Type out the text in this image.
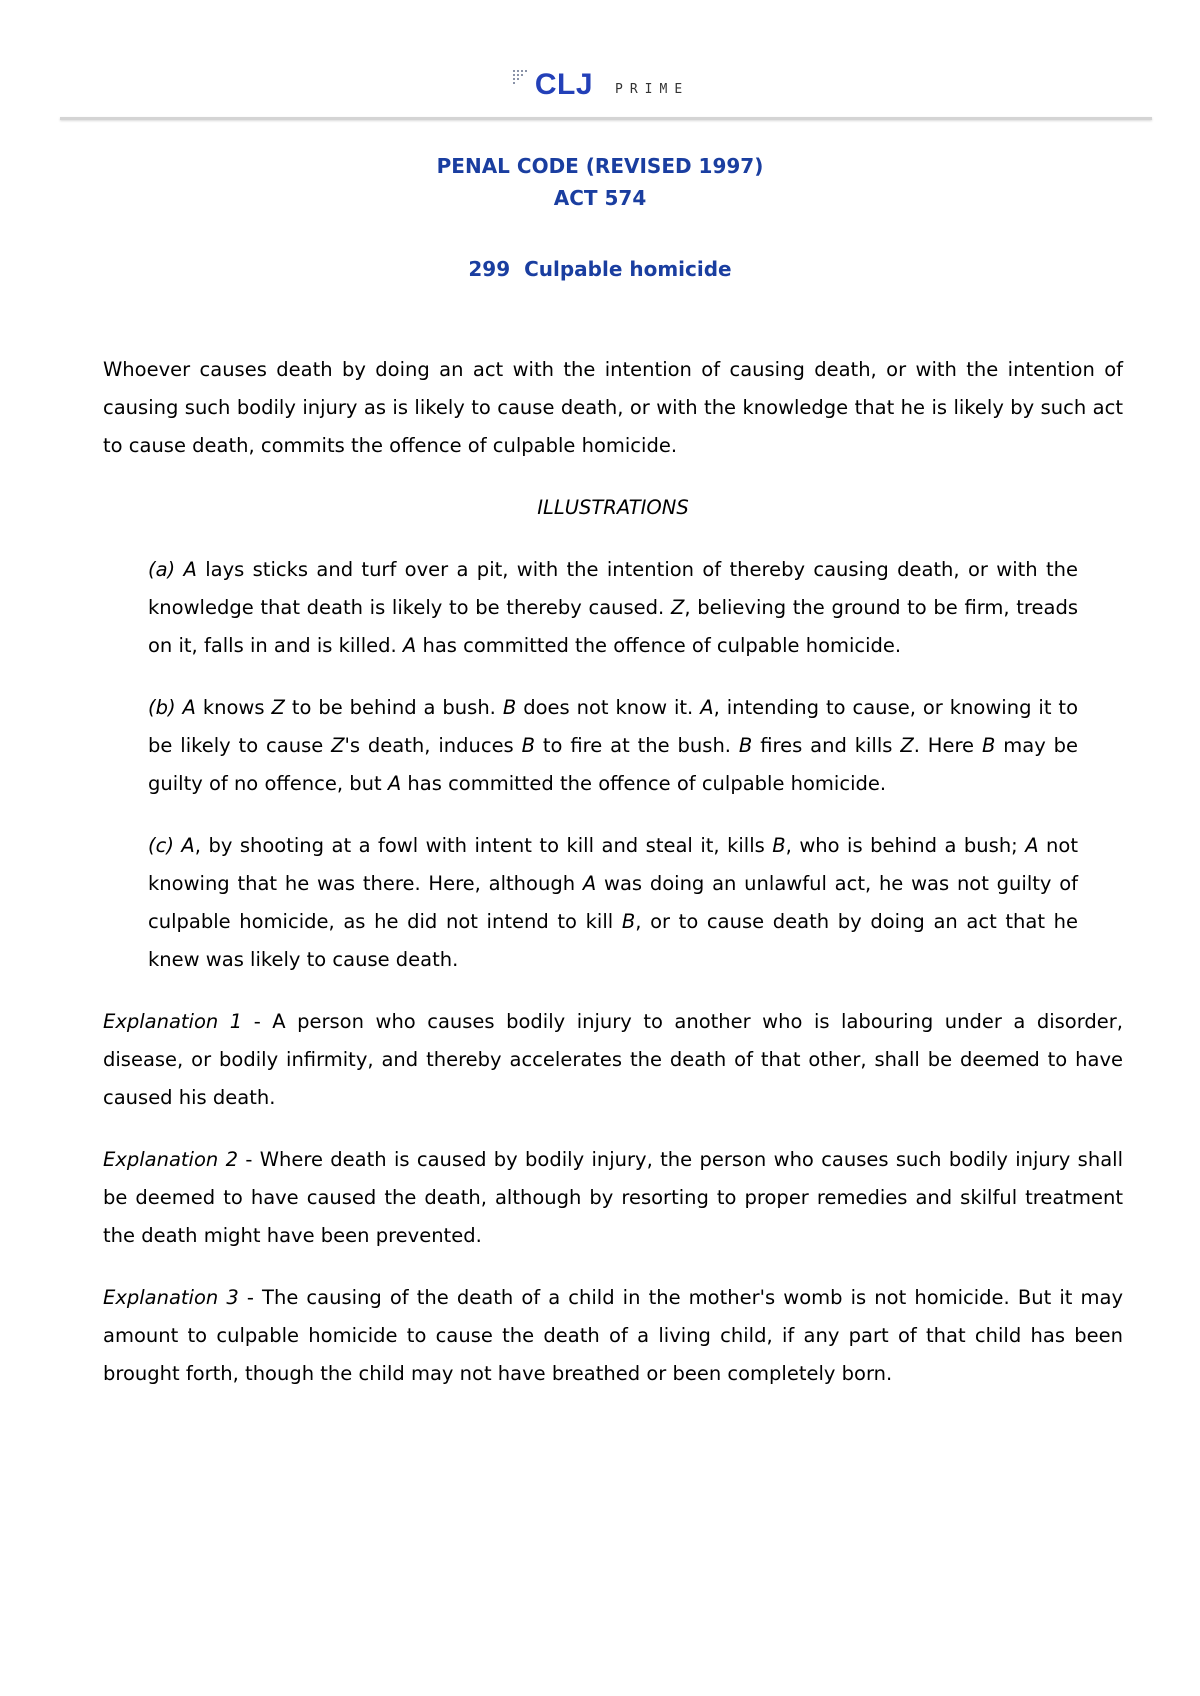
CLJ PRIME
PENAL CODE (REVISED 1997)
ACT 574
299 Culpable homicide

Whoever causes death by doing an act with the intention of causing death, or with the intention of causing such bodily injury as is likely to cause death, or with the knowledge that he is likely by such act to cause death, commits the offence of culpable homicide.

ILLUSTRATIONS

(a) A lays sticks and turf over a pit, with the intention of thereby causing death, or with the knowledge that death is likely to be thereby caused. Z, believing the ground to be firm, treads on it, falls in and is killed. A has committed the offence of culpable homicide.

(b) A knows Z to be behind a bush. B does not know it. A, intending to cause, or knowing it to be likely to cause Z's death, induces B to fire at the bush. B fires and kills Z. Here B may be guilty of no offence, but A has committed the offence of culpable homicide.

(c) A, by shooting at a fowl with intent to kill and steal it, kills B, who is behind a bush; A not knowing that he was there. Here, although A was doing an unlawful act, he was not guilty of culpable homicide, as he did not intend to kill B, or to cause death by doing an act that he knew was likely to cause death.

Explanation 1 - A person who causes bodily injury to another who is labouring under a disorder, disease, or bodily infirmity, and thereby accelerates the death of that other, shall be deemed to have caused his death.

Explanation 2 - Where death is caused by bodily injury, the person who causes such bodily injury shall be deemed to have caused the death, although by resorting to proper remedies and skilful treatment the death might have been prevented.

Explanation 3 - The causing of the death of a child in the mother's womb is not homicide. But it may amount to culpable homicide to cause the death of a living child, if any part of that child has been brought forth, though the child may not have breathed or been completely born.
